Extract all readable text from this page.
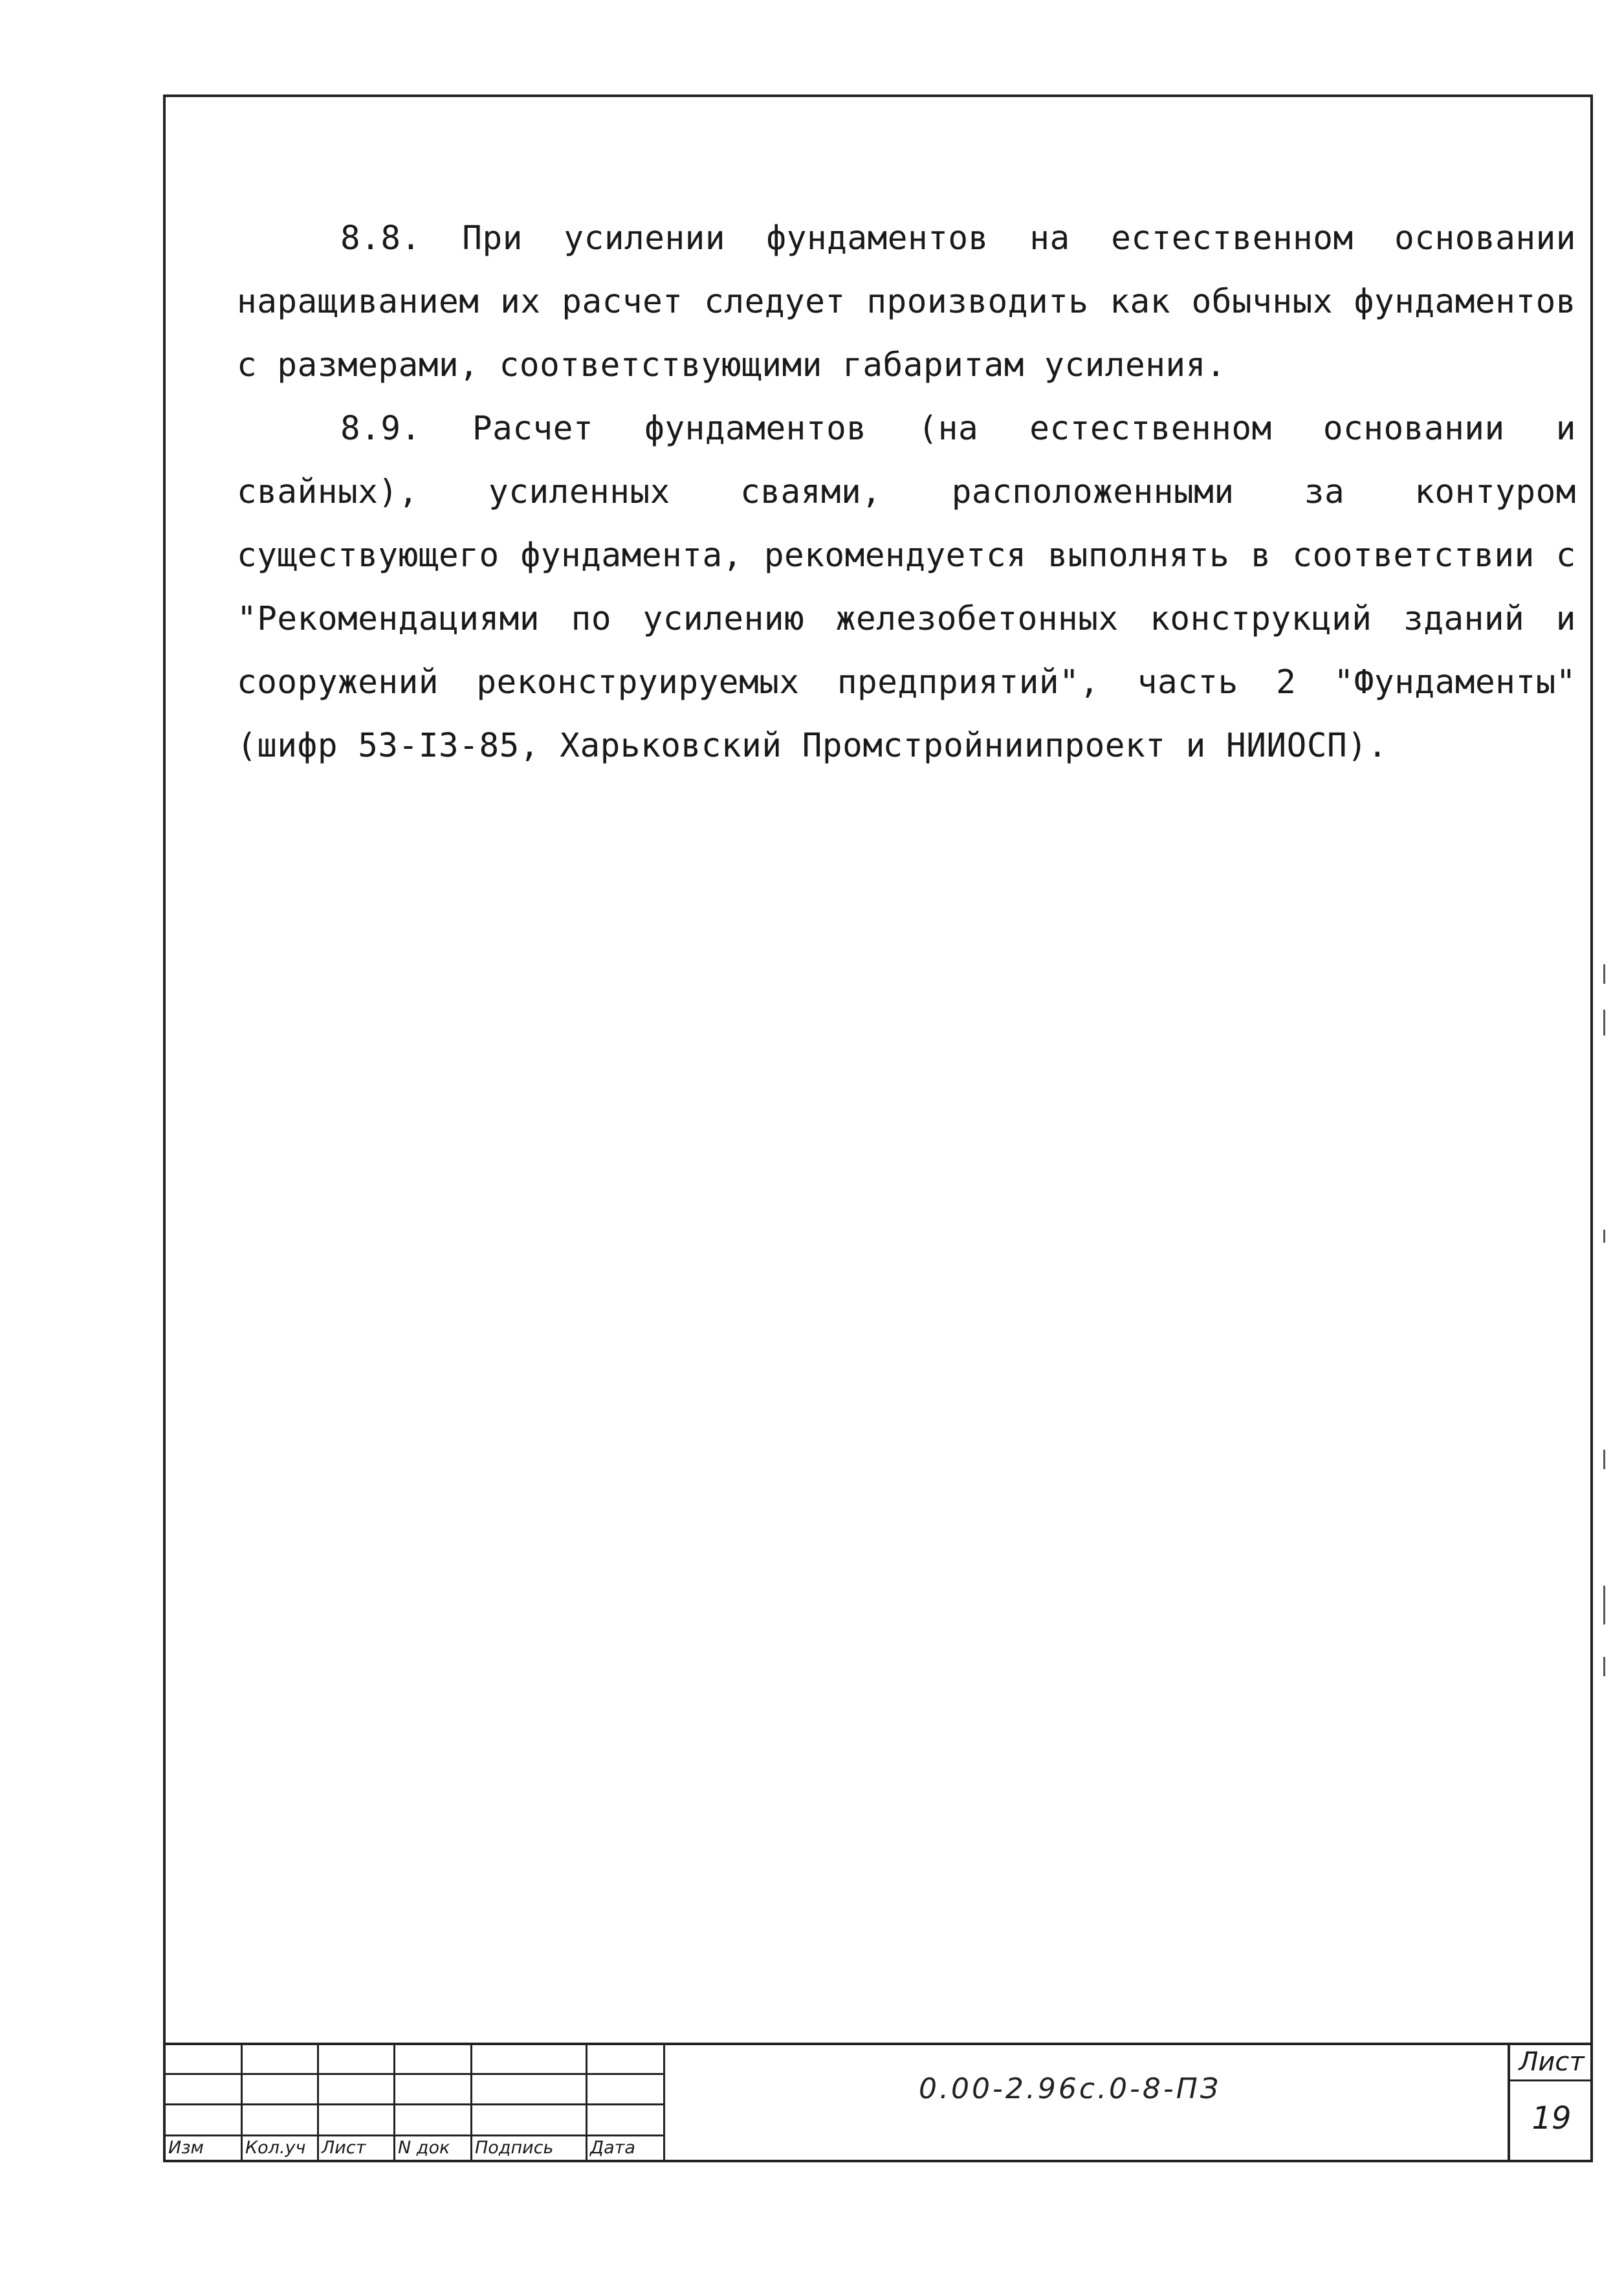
8.8. При усилении фундаментов на естественном основании наращиванием их расчет следует производить как обычных фундаментов с размерами, соответствующими габаритам усиления.

8.9. Расчет фундаментов (на естественном основании и свайных), усиленных сваями, расположенными за контуром существующего фундамента, рекомендуется выполнять в соответствии с "Рекомендациями по усилению железобетонных конструкций зданий и сооружений реконструируемых предприятий", часть 2 "Фундаменты" (шифр 53-I3-85, Харьковский Промстройниипроект и НИИОСП).

Изм	Кол.уч Лист	N док	Подпись	Дата
0.00-2.96с.0-8-ПЗ
Лист
19
